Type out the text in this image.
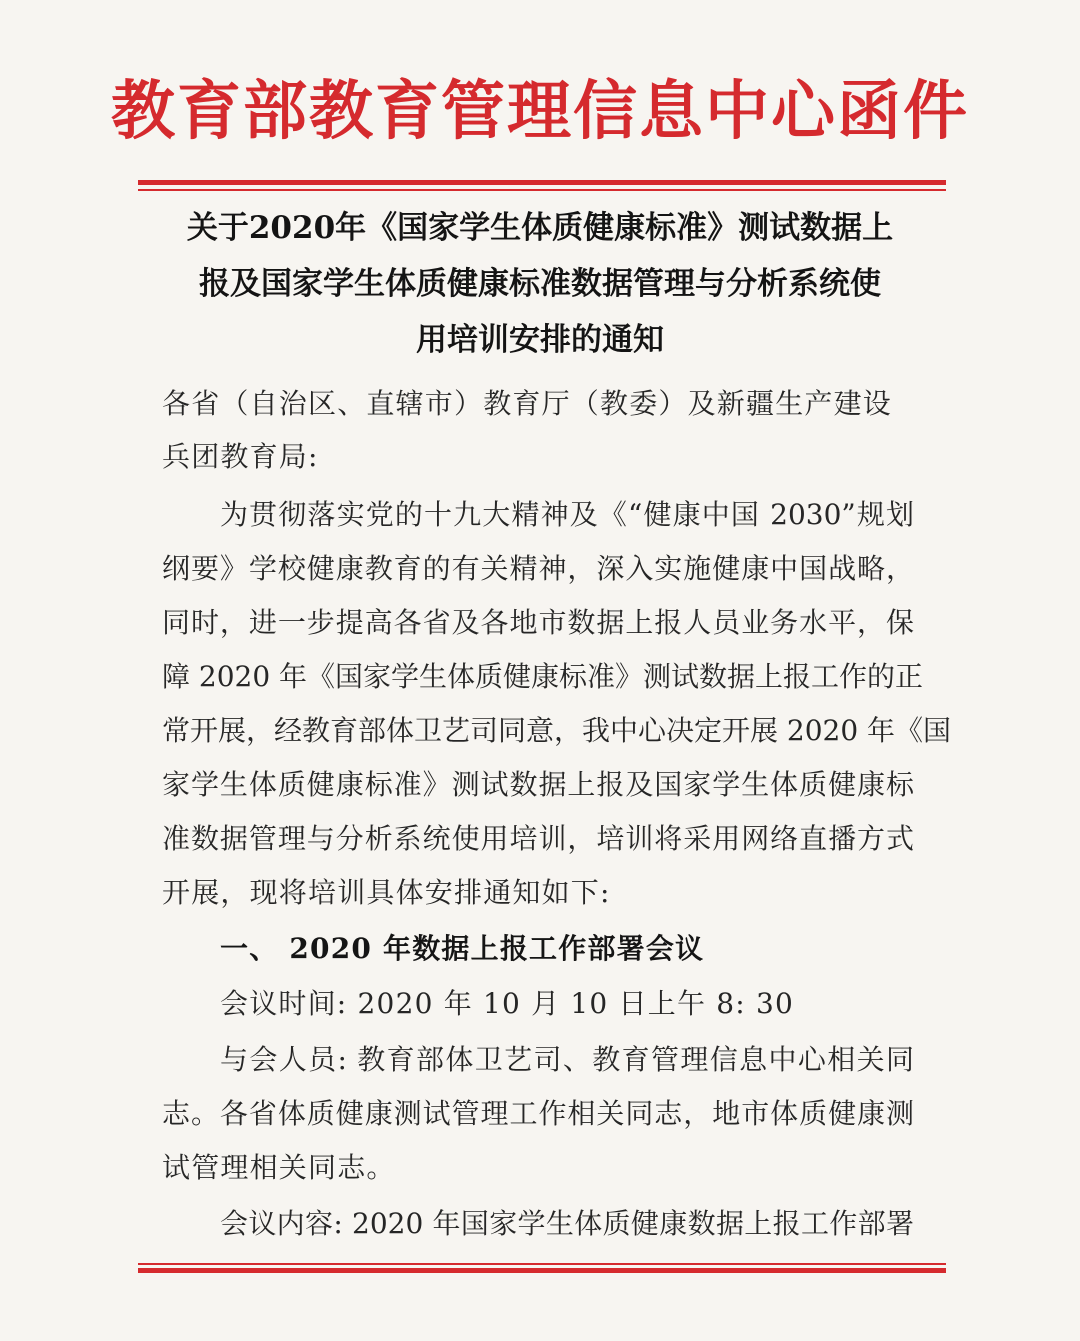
教育部教育管理信息中心函件
关于2020年《国家学生体质健康标准》测试数据上
报及国家学生体质健康标准数据管理与分析系统使
用培训安排的通知
各省（自治区、直辖市）教育厅（教委）及新疆生产建设
兵团教育局:
为贯彻落实党的十九大精神及《“健康中国 2030”规划
纲要》学校健康教育的有关精神，深入实施健康中国战略，
同时，进一步提高各省及各地市数据上报人员业务水平，保
障 2020 年《国家学生体质健康标准》测试数据上报工作的正
常开展，经教育部体卫艺司同意，我中心决定开展 2020 年《国
家学生体质健康标准》测试数据上报及国家学生体质健康标
准数据管理与分析系统使用培训，培训将采用网络直播方式
开展，现将培训具体安排通知如下:
一、 2020 年数据上报工作部署会议
会议时间: 2020 年 10 月 10 日上午 8: 30
与会人员: 教育部体卫艺司、教育管理信息中心相关同
志。各省体质健康测试管理工作相关同志，地市体质健康测
试管理相关同志。
会议内容: 2020 年国家学生体质健康数据上报工作部署
